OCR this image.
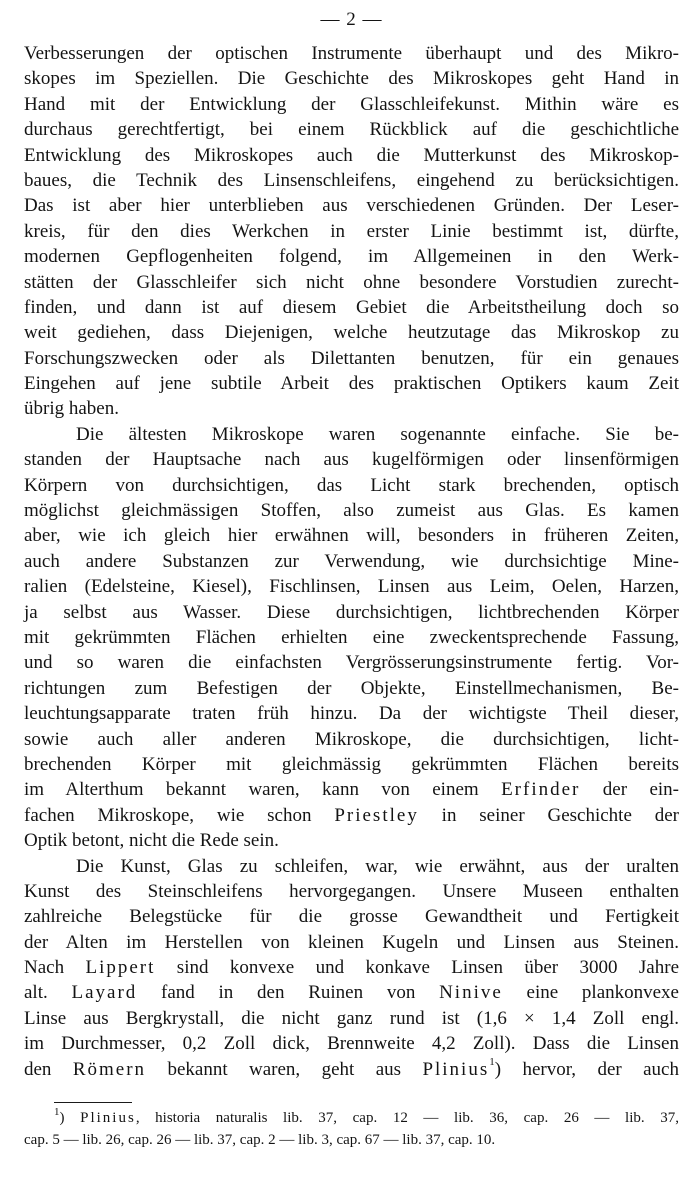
— 2 —

Verbesserungen der optischen Instrumente überhaupt und des Mikro-
skopes im Speziellen. Die Geschichte des Mikroskopes geht Hand in
Hand mit der Entwicklung der Glasschleifekunst. Mithin wäre es
durchaus gerechtfertigt, bei einem Rückblick auf die geschichtliche
Entwicklung des Mikroskopes auch die Mutterkunst des Mikroskop-
baues, die Technik des Linsenschleifens, eingehend zu berücksichtigen.
Das ist aber hier unterblieben aus verschiedenen Gründen. Der Leser-
kreis, für den dies Werkchen in erster Linie bestimmt ist, dürfte,
modernen Gepflogenheiten folgend, im Allgemeinen in den Werk-
stätten der Glasschleifer sich nicht ohne besondere Vorstudien zurecht-
finden, und dann ist auf diesem Gebiet die Arbeitstheilung doch so
weit gediehen, dass Diejenigen, welche heutzutage das Mikroskop zu
Forschungszwecken oder als Dilettanten benutzen, für ein genaues
Eingehen auf jene subtile Arbeit des praktischen Optikers kaum Zeit
übrig haben.

Die ältesten Mikroskope waren sogenannte einfache. Sie be-
standen der Hauptsache nach aus kugelförmigen oder linsenförmigen
Körpern von durchsichtigen, das Licht stark brechenden, optisch
möglichst gleichmässigen Stoffen, also zumeist aus Glas. Es kamen
aber, wie ich gleich hier erwähnen will, besonders in früheren Zeiten,
auch andere Substanzen zur Verwendung, wie durchsichtige Mine-
ralien (Edelsteine, Kiesel), Fischlinsen, Linsen aus Leim, Oelen, Harzen,
ja selbst aus Wasser. Diese durchsichtigen, lichtbrechenden Körper
mit gekrümmten Flächen erhielten eine zweckentsprechende Fassung,
und so waren die einfachsten Vergrösserungsinstrumente fertig. Vor-
richtungen zum Befestigen der Objekte, Einstellmechanismen, Be-
leuchtungsapparate traten früh hinzu. Da der wichtigste Theil dieser,
sowie auch aller anderen Mikroskope, die durchsichtigen, licht-
brechenden Körper mit gleichmässig gekrümmten Flächen bereits
im Alterthum bekannt waren, kann von einem Erfinder der ein-
fachen Mikroskope, wie schon Priestley in seiner Geschichte der
Optik betont, nicht die Rede sein.

Die Kunst, Glas zu schleifen, war, wie erwähnt, aus der uralten
Kunst des Steinschleifens hervorgegangen. Unsere Museen enthalten
zahlreiche Belegstücke für die grosse Gewandtheit und Fertigkeit
der Alten im Herstellen von kleinen Kugeln und Linsen aus Steinen.
Nach Lippert sind konvexe und konkave Linsen über 3000 Jahre
alt. Layard fand in den Ruinen von Ninive eine plankonvexe
Linse aus Bergkrystall, die nicht ganz rund ist (1,6 × 1,4 Zoll engl.
im Durchmesser, 0,2 Zoll dick, Brennweite 4,2 Zoll). Dass die Linsen
den Römern bekannt waren, geht aus Plinius$^1$) hervor, der auch

$^1$) Plinius, historia naturalis lib. 37, cap. 12 — lib. 36, cap. 26 — lib. 37,
cap. 5 — lib. 26, cap. 26 — lib. 37, cap. 2 — lib. 3, cap. 67 — lib. 37, cap. 10.
